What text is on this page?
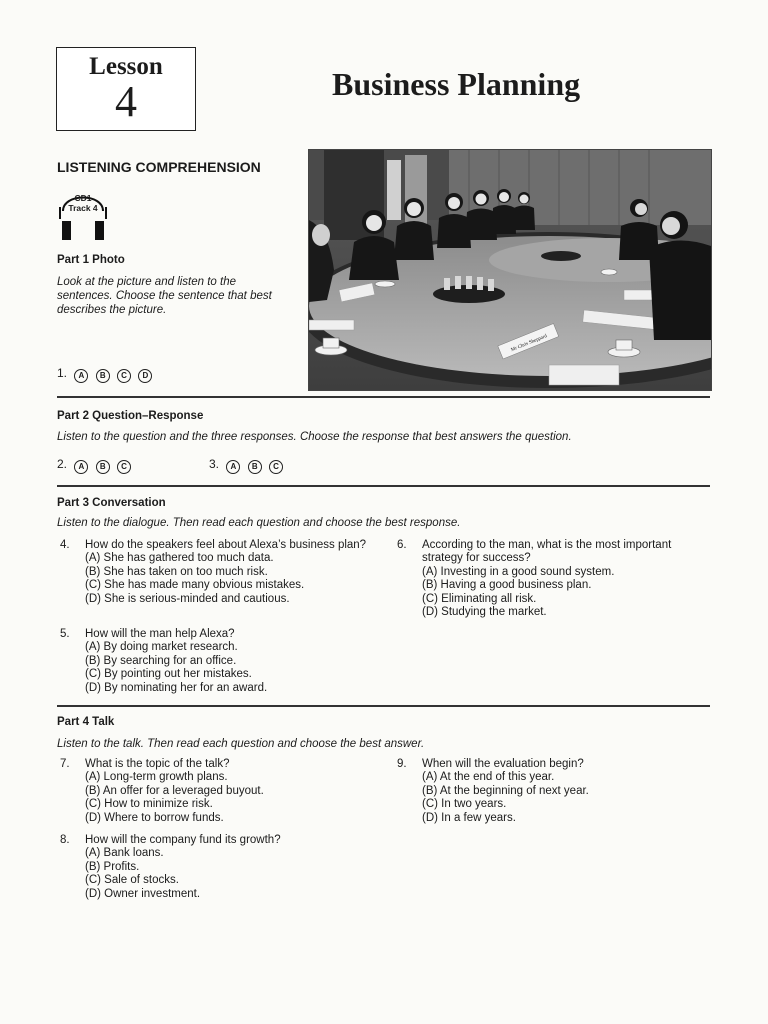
Lesson
4	Business Planning
LISTENING COMPREHENSION
CD1
Track 4
Part 1 Photo
Look at the picture and listen to the sentences. Choose the sentence that best describes the picture.
1. A B C D
Mr Chris Sheppard
Part 2 Question–Response
Listen to the question and the three responses. Choose the response that best answers the question.
2. A B C	3. A B C
Part 3 Conversation
Listen to the dialogue. Then read each question and choose the best response.
4. How do the speakers feel about Alexa’s business plan?
(A) She has gathered too much data.
(B) She has taken on too much risk.
(C) She has made many obvious mistakes.
(D) She is serious-minded and cautious.
5. How will the man help Alexa?
(A) By doing market research.
(B) By searching for an office.
(C) By pointing out her mistakes.
(D) By nominating her for an award.
6. According to the man, what is the most important strategy for success?
(A) Investing in a good sound system.
(B) Having a good business plan.
(C) Eliminating all risk.
(D) Studying the market.
Part 4 Talk
Listen to the talk. Then read each question and choose the best answer.
7. What is the topic of the talk?
(A) Long-term growth plans.
(B) An offer for a leveraged buyout.
(C) How to minimize risk.
(D) Where to borrow funds.
8. How will the company fund its growth?
(A) Bank loans.
(B) Profits.
(C) Sale of stocks.
(D) Owner investment.
9. When will the evaluation begin?
(A) At the end of this year.
(B) At the beginning of next year.
(C) In two years.
(D) In a few years.
